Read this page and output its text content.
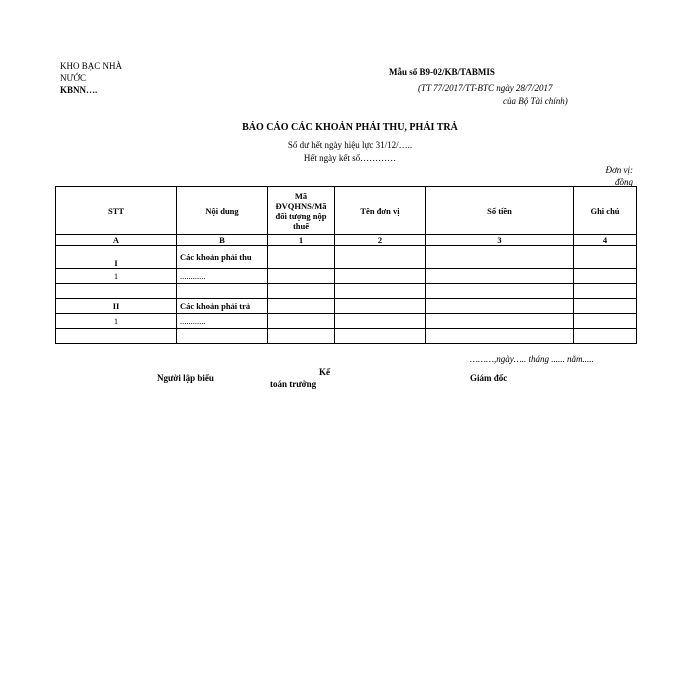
KHO BẠC NHÀ
NƯỚC
KBNN….
Mẫu số B9-02/KB/TABMIS
(TT 77/2017/TT-BTC ngày 28/7/2017
của Bộ Tài chính)
BÁO CÁO CÁC KHOẢN PHẢI THU, PHẢI TRẢ
Số dư hết ngày hiệu lực 31/12/…..
Hết ngày kết số…………
Đơn vị:
đồng
STT	Nội dung	Mã ĐVQHNS/Mã đối tượng nộp thuế	Tên đơn vị	Số tiền	Ghi chú
A	B	1	2	3	4
I	Các khoản phải thu				
1	............				

II	Các khoản phải trả				
1	............				

………,ngày….. tháng ...... năm.....
Người lập biểu
Kế
toán trưởng
Giám đốc
